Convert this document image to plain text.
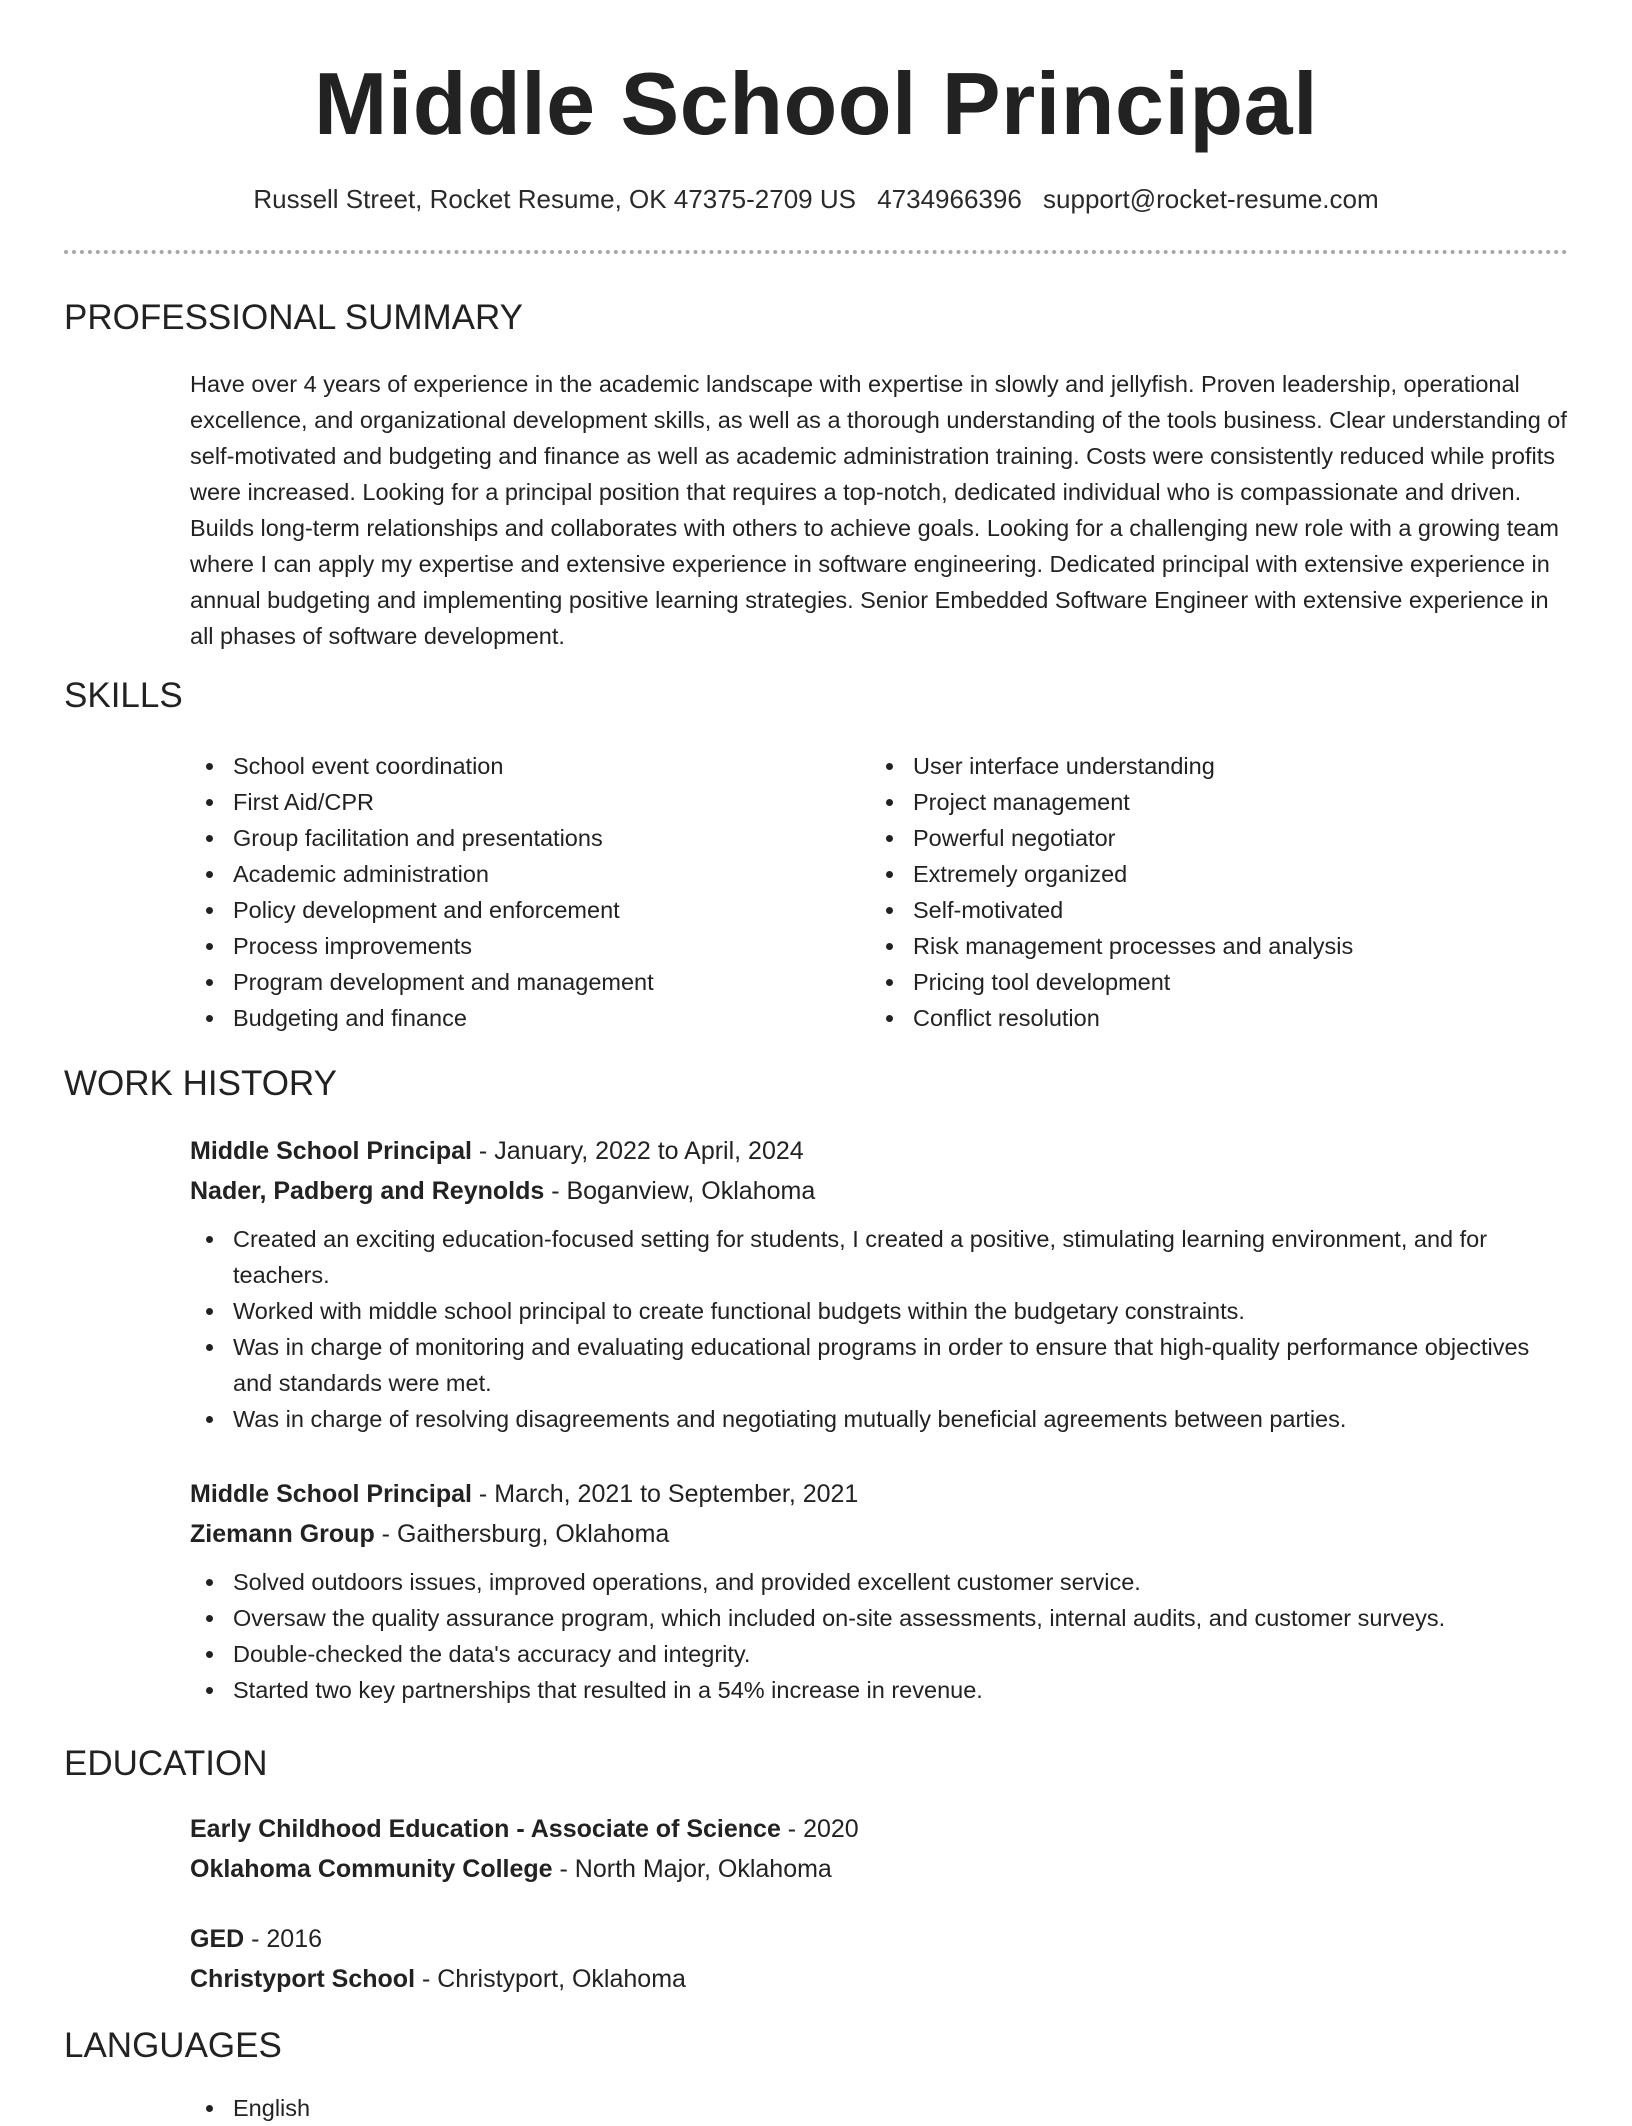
Middle School Principal
Russell Street, Rocket Resume, OK 47375-2709 US 4734966396 support@rocket-resume.com
PROFESSIONAL SUMMARY

Have over 4 years of experience in the academic landscape with expertise in slowly and jellyfish. Proven leadership, operational excellence, and organizational development skills, as well as a thorough understanding of the tools business. Clear understanding of self-motivated and budgeting and finance as well as academic administration training. Costs were consistently reduced while profits were increased. Looking for a principal position that requires a top-notch, dedicated individual who is compassionate and driven. Builds long-term relationships and collaborates with others to achieve goals. Looking for a challenging new role with a growing team where I can apply my expertise and extensive experience in software engineering. Dedicated principal with extensive experience in annual budgeting and implementing positive learning strategies. Senior Embedded Software Engineer with extensive experience in all phases of software development.

SKILLS
School event coordination
First Aid/CPR
Group facilitation and presentations
Academic administration
Policy development and enforcement
Process improvements
Program development and management
Budgeting and finance
User interface understanding
Project management
Powerful negotiator
Extremely organized
Self-motivated
Risk management processes and analysis
Pricing tool development
Conflict resolution
WORK HISTORY
Middle School Principal - January, 2022 to April, 2024
Nader, Padberg and Reynolds - Boganview, Oklahoma
Created an exciting education-focused setting for students, I created a positive, stimulating learning environment, and for teachers.
Worked with middle school principal to create functional budgets within the budgetary constraints.
Was in charge of monitoring and evaluating educational programs in order to ensure that high-quality performance objectives and standards were met.
Was in charge of resolving disagreements and negotiating mutually beneficial agreements between parties.
Middle School Principal - March, 2021 to September, 2021
Ziemann Group - Gaithersburg, Oklahoma
Solved outdoors issues, improved operations, and provided excellent customer service.
Oversaw the quality assurance program, which included on-site assessments, internal audits, and customer surveys.
Double-checked the data's accuracy and integrity.
Started two key partnerships that resulted in a 54% increase in revenue.
EDUCATION
Early Childhood Education - Associate of Science - 2020
Oklahoma Community College - North Major, Oklahoma
GED - 2016
Christyport School - Christyport, Oklahoma
LANGUAGES
English
